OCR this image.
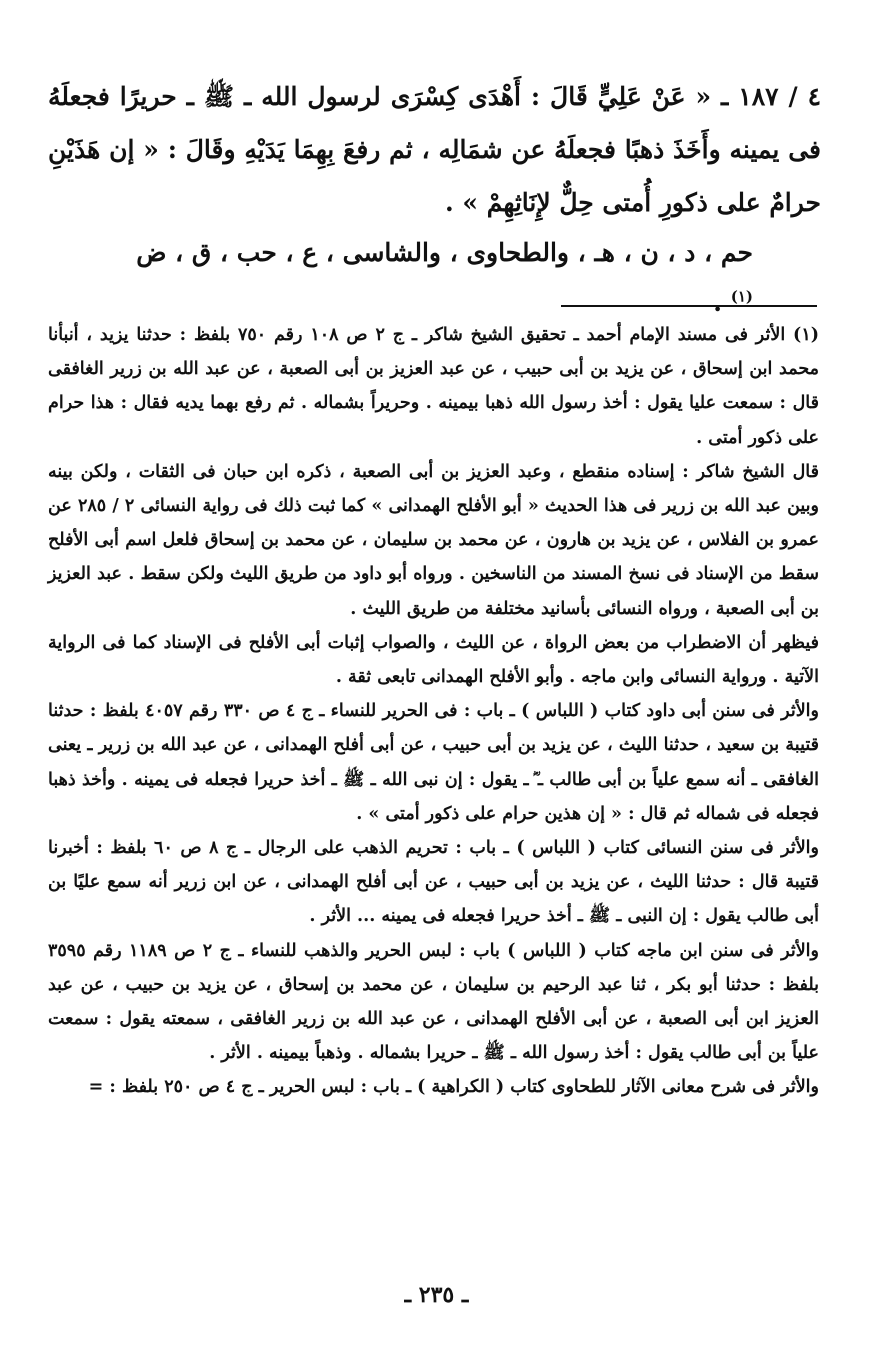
٤ / ١٨٧ ـ « عَنْ عَلِيٍّ قَالَ : أَهْدَى كِسْرَى لرسول الله ـ ﷺ ـ حريرًا فجعلَهُ فى يمينه وأَخَذَ ذهبًا فجعلَهُ عن شمَالِه ، ثم رفعَ بِهِمَا يَدَيْهِ وقَالَ : « إن هَذَيْنِ حرامٌ على ذكورِ أُمتى حِلٌّ لإِنَاثِهِمْ » .
حم ، د ، ن ، هـ ، والطحاوى ، والشاسى ، ع ، حب ، ق ، ض $^{(١)}$ .

(١) الأثر فى مسند الإمام أحمد ـ تحقيق الشيخ شاكر ـ ج ٢ ص ١٠٨ رقم ٧٥٠ بلفظ : حدثنا يزيد ، أنبأنا محمد ابن إسحاق ، عن يزيد بن أبى حبيب ، عن عبد العزيز بن أبى الصعبة ، عن عبد الله بن زرير الغافقى قال : سمعت عليا يقول : أخذ رسول الله ذهبا بيمينه . وحريراً بشماله . ثم رفع بهما يديه فقال : هذا حرام على ذكور أمتى .

قال الشيخ شاكر : إسناده منقطع ، وعبد العزيز بن أبى الصعبة ، ذكره ابن حبان فى الثقات ، ولكن بينه وبين عبد الله بن زرير فى هذا الحديث « أبو الأفلح الهمدانى » كما ثبت ذلك فى رواية النسائى ٢ / ٢٨٥ عن عمرو بن الفلاس ، عن يزيد بن هارون ، عن محمد بن سليمان ، عن محمد بن إسحاق فلعل اسم أبى الأفلح سقط من الإسناد فى نسخ المسند من الناسخين . ورواه أبو داود من طريق الليث ولكن سقط . عبد العزيز بن أبى الصعبة ، ورواه النسائى بأسانيد مختلفة من طريق الليث .

فيظهر أن الاضطراب من بعض الرواة ، عن الليث ، والصواب إثبات أبى الأفلح فى الإسناد كما فى الرواية الآتية . ورواية النسائى وابن ماجه . وأبو الأفلح الهمدانى تابعى ثقة .

والأثر فى سنن أبى داود كتاب ( اللباس ) ـ باب : فى الحرير للنساء ـ ج ٤ ص ٣٣٠ رقم ٤٠٥٧ بلفظ : حدثنا قتيبة بن سعيد ، حدثنا الليث ، عن يزيد بن أبى حبيب ، عن أبى أفلح الهمدانى ، عن عبد الله بن زرير ـ يعنى الغافقى ـ أنه سمع علياً بن أبى طالب ـ ؓ ـ يقول : إن نبى الله ـ ﷺ ـ أخذ حريرا فجعله فى يمينه . وأخذ ذهبا فجعله فى شماله ثم قال : « إن هذين حرام على ذكور أمتى » .

والأثر فى سنن النسائى كتاب ( اللباس ) ـ باب : تحريم الذهب على الرجال ـ ج ٨ ص ٦٠ بلفظ : أخبرنا قتيبة قال : حدثنا الليث ، عن يزيد بن أبى حبيب ، عن أبى أفلح الهمدانى ، عن ابن زرير أنه سمع عليًا بن أبى طالب يقول : إن النبى ـ ﷺ ـ أخذ حريرا فجعله فى يمينه ... الأثر .

والأثر فى سنن ابن ماجه كتاب ( اللباس ) باب : لبس الحرير والذهب للنساء ـ ج ٢ ص ١١٨٩ رقم ٣٥٩٥ بلفظ : حدثنا أبو بكر ، ثنا عبد الرحيم بن سليمان ، عن محمد بن إسحاق ، عن يزيد بن حبيب ، عن عبد العزيز ابن أبى الصعبة ، عن أبى الأفلح الهمدانى ، عن عبد الله بن زرير الغافقى ، سمعته يقول : سمعت علياً بن أبى طالب يقول : أخذ رسول الله ـ ﷺ ـ حريرا بشماله . وذهباً بيمينه . الأثر .

والأثر فى شرح معانى الآثار للطحاوى كتاب ( الكراهية ) ـ باب : لبس الحرير ـ ج ٤ ص ٢٥٠ بلفظ : =

ـ ٢٣٥ ـ
